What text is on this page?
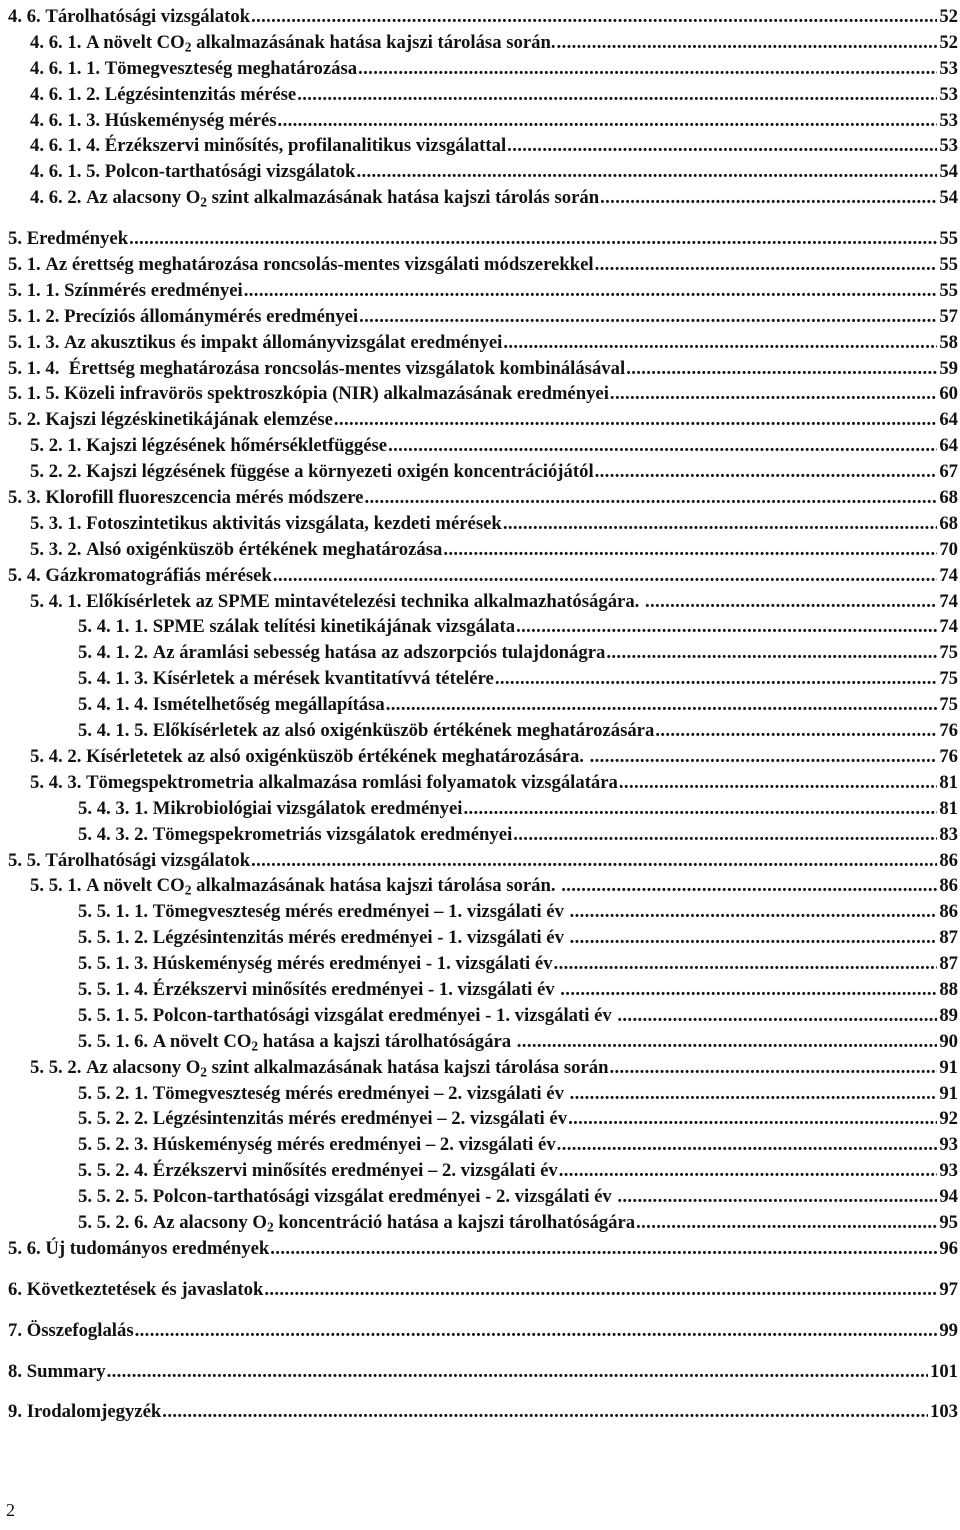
4. 6. Tárolhatósági vizsgálatok .....	52
4. 6. 1. A növelt $CO_2$ alkalmazásának hatása kajszi tárolása során. .....	52
4. 6. 1. 1. Tömegveszteség meghatározása .....	53
4. 6. 1. 2. Légzésintenzitás mérése .....	53
4. 6. 1. 3. Húskeménység mérés .....	53
4. 6. 1. 4. Érzékszervi minősítés, profilanalitikus vizsgálattal .....	53
4. 6. 1. 5. Polcon-tarthatósági vizsgálatok .....	54
4. 6. 2. Az alacsony $O_2$ szint alkalmazásának hatása kajszi tárolás során .....	54
5. Eredmények .....	55
5. 1. Az érettség meghatározása roncsolás-mentes vizsgálati módszerekkel .....	55
5. 1. 1. Színmérés eredményei .....	55
5. 1. 2. Precíziós állománymérés eredményei .....	57
5. 1. 3. Az akusztikus és impakt állományvizsgálat eredményei .....	58
5. 1. 4. Érettség meghatározása roncsolás-mentes vizsgálatok kombinálásával .....	59
5. 1. 5. Közeli infravörös spektroszkópia (NIR) alkalmazásának eredményei .....	60
5. 2. Kajszi légzéskinetikájának elemzése .....	64
5. 2. 1. Kajszi légzésének hőmérsékletfüggése .....	64
5. 2. 2. Kajszi légzésének függése a környezeti oxigén koncentrációjától .....	67
5. 3. Klorofill fluoreszcencia mérés módszere .....	68
5. 3. 1. Fotoszintetikus aktivitás vizsgálata, kezdeti mérések .....	68
5. 3. 2. Alsó oxigénküszöb értékének meghatározása .....	70
5. 4. Gázkromatográfiás mérések .....	74
5. 4. 1. Előkísérletek az SPME mintavételezési technika alkalmazhatóságára. .....	74
5. 4. 1. 1. SPME szálak telítési kinetikájának vizsgálata .....	74
5. 4. 1. 2. Az áramlási sebesség hatása az adszorpciós tulajdonágra .....	75
5. 4. 1. 3. Kísérletek a mérések kvantitatívvá tételére .....	75
5. 4. 1. 4. Ismételhetőség megállapítása .....	75
5. 4. 1. 5. Előkísérletek az alsó oxigénküszöb értékének meghatározására .....	76
5. 4. 2. Kísérletetek az alsó oxigénküszöb értékének meghatározására. .....	76
5. 4. 3. Tömegspektrometria alkalmazása romlási folyamatok vizsgálatára .....	81
5. 4. 3. 1. Mikrobiológiai vizsgálatok eredményei .....	81
5. 4. 3. 2. Tömegspekrometriás vizsgálatok eredményei .....	83
5. 5. Tárolhatósági vizsgálatok .....	86
5. 5. 1. A növelt $CO_2$ alkalmazásának hatása kajszi tárolása során. .....	86
5. 5. 1. 1. Tömegveszteség mérés eredményei – 1. vizsgálati év .....	86
5. 5. 1. 2. Légzésintenzitás mérés eredményei - 1. vizsgálati év .....	87
5. 5. 1. 3. Húskeménység mérés eredményei - 1. vizsgálati év .....	87
5. 5. 1. 4. Érzékszervi minősítés eredményei - 1. vizsgálati év .....	88
5. 5. 1. 5. Polcon-tarthatósági vizsgálat eredményei - 1. vizsgálati év .....	89
5. 5. 1. 6. A növelt $CO_2$ hatása a kajszi tárolhatóságára .....	90
5. 5. 2. Az alacsony $O_2$ szint alkalmazásának hatása kajszi tárolása során .....	91
5. 5. 2. 1. Tömegveszteség mérés eredményei – 2. vizsgálati év .....	91
5. 5. 2. 2. Légzésintenzitás mérés eredményei – 2. vizsgálati év .....	92
5. 5. 2. 3. Húskeménység mérés eredményei – 2. vizsgálati év .....	93
5. 5. 2. 4. Érzékszervi minősítés eredményei – 2. vizsgálati év .....	93
5. 5. 2. 5. Polcon-tarthatósági vizsgálat eredményei - 2. vizsgálati év .....	94
5. 5. 2. 6. Az alacsony $O_2$ koncentráció hatása a kajszi tárolhatóságára .....	95
5. 6. Új tudományos eredmények .....	96
6. Következtetések és javaslatok .....	97
7. Összefoglalás .....	99
8. Summary .....	101
9. Irodalomjegyzék .....	103
2
